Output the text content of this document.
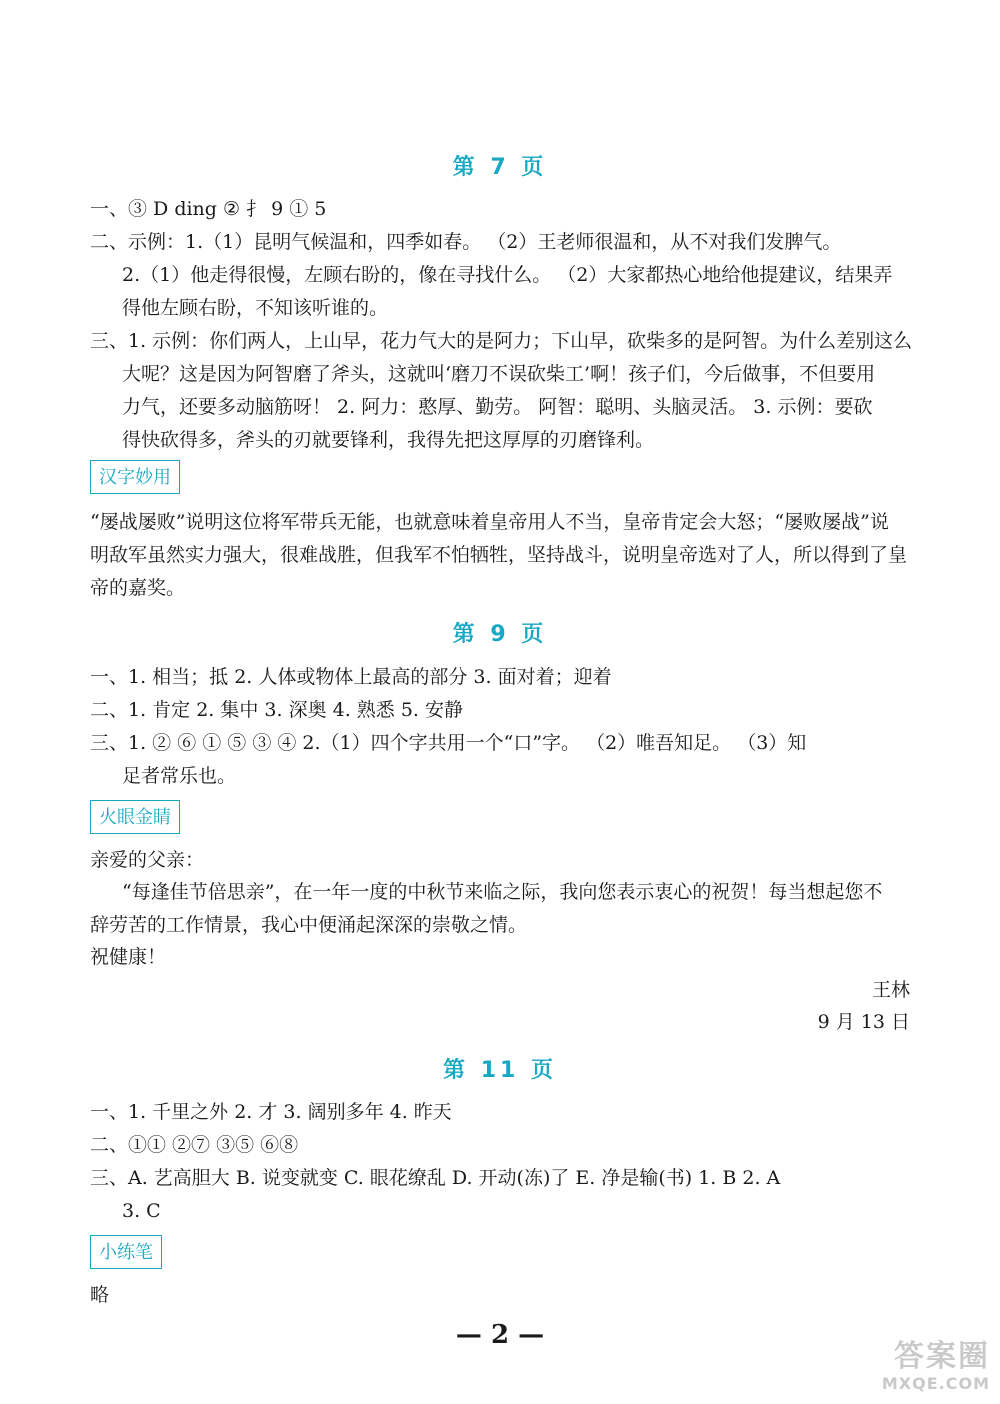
第 7 页
一、③ D ding ② 扌 9 ① 5
二、示例：1.（1）昆明气候温和，四季如春。 （2）王老师很温和，从不对我们发脾气。
2.（1）他走得很慢，左顾右盼的，像在寻找什么。 （2）大家都热心地给他提建议，结果弄
得他左顾右盼，不知该听谁的。
三、1. 示例：你们两人，上山早，花力气大的是阿力；下山早，砍柴多的是阿智。为什么差别这么
大呢？这是因为阿智磨了斧头，这就叫‘磨刀不误砍柴工’啊！孩子们，今后做事，不但要用
力气，还要多动脑筋呀！ 2. 阿力：憨厚、勤劳。 阿智：聪明、头脑灵活。 3. 示例：要砍
得快砍得多，斧头的刃就要锋利，我得先把这厚厚的刃磨锋利。
汉字妙用
“屡战屡败”说明这位将军带兵无能，也就意味着皇帝用人不当，皇帝肯定会大怒；“屡败屡战”说
明敌军虽然实力强大，很难战胜，但我军不怕牺牲，坚持战斗，说明皇帝选对了人，所以得到了皇
帝的嘉奖。
第 9 页
一、1. 相当；抵 2. 人体或物体上最高的部分 3. 面对着；迎着
二、1. 肯定 2. 集中 3. 深奥 4. 熟悉 5. 安静
三、1. ② ⑥ ① ⑤ ③ ④ 2.（1）四个字共用一个“口”字。 （2）唯吾知足。 （3）知
足者常乐也。
火眼金睛
亲爱的父亲：
“每逢佳节倍思亲”，在一年一度的中秋节来临之际，我向您表示衷心的祝贺！每当想起您不
辞劳苦的工作情景，我心中便涌起深深的崇敬之情。
祝健康！
王林
9 月 13 日
第 11 页
一、1. 千里之外 2. 才 3. 阔别多年 4. 昨天
二、①① ②⑦ ③⑤ ⑥⑧
三、A. 艺高胆大 B. 说变就变 C. 眼花缭乱 D. 开动(冻)了 E. 净是输(书) 1. B 2. A
3. C
小练笔
略
— 2 —
答案圈
MXQE.COM
